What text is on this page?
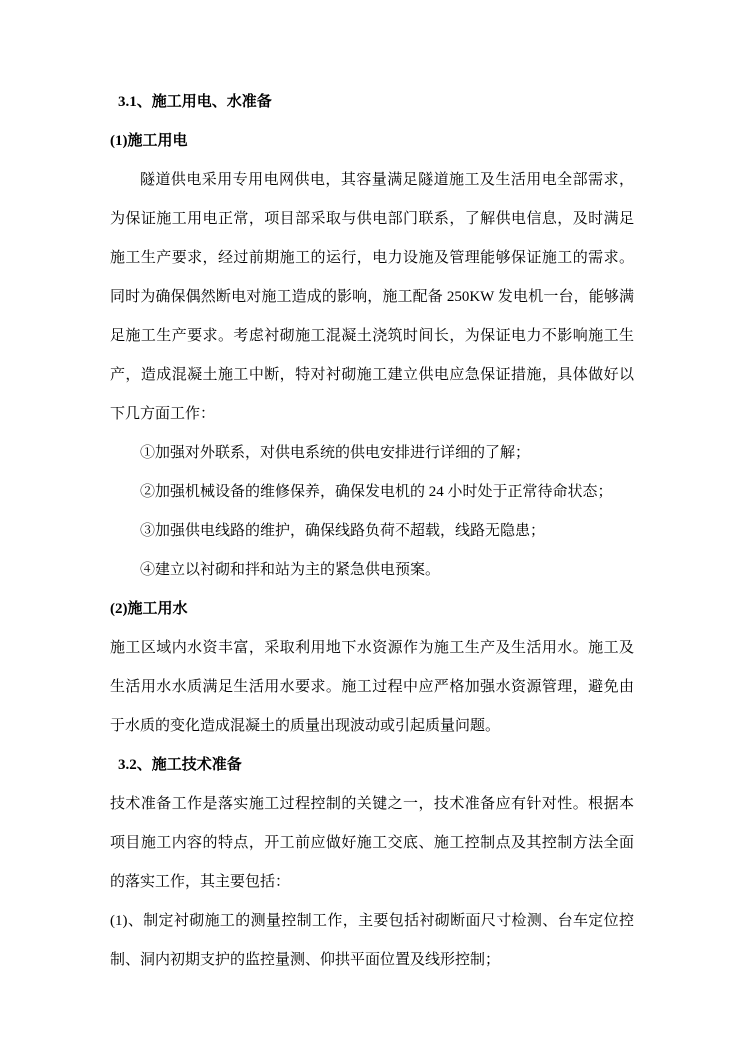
3.1、施工用电、水准备

(1)施工用电

隧道供电采用专用电网供电，其容量满足隧道施工及生活用电全部需求，为保证施工用电正常，项目部采取与供电部门联系，了解供电信息，及时满足施工生产要求，经过前期施工的运行，电力设施及管理能够保证施工的需求。同时为确保偶然断电对施工造成的影响，施工配备 250KW 发电机一台，能够满足施工生产要求。考虑衬砌施工混凝土浇筑时间长，为保证电力不影响施工生产，造成混凝土施工中断，特对衬砌施工建立供电应急保证措施，具体做好以下几方面工作：

①加强对外联系，对供电系统的供电安排进行详细的了解；

②加强机械设备的维修保养，确保发电机的 24 小时处于正常待命状态；

③加强供电线路的维护，确保线路负荷不超载，线路无隐患；

④建立以衬砌和拌和站为主的紧急供电预案。

(2)施工用水

施工区域内水资丰富，采取利用地下水资源作为施工生产及生活用水。施工及生活用水水质满足生活用水要求。施工过程中应严格加强水资源管理，避免由于水质的变化造成混凝土的质量出现波动或引起质量问题。

3.2、施工技术准备

技术准备工作是落实施工过程控制的关键之一，技术准备应有针对性。根据本项目施工内容的特点，开工前应做好施工交底、施工控制点及其控制方法全面的落实工作，其主要包括：

(1)、制定衬砌施工的测量控制工作，主要包括衬砌断面尺寸检测、台车定位控制、洞内初期支护的监控量测、仰拱平面位置及线形控制；
